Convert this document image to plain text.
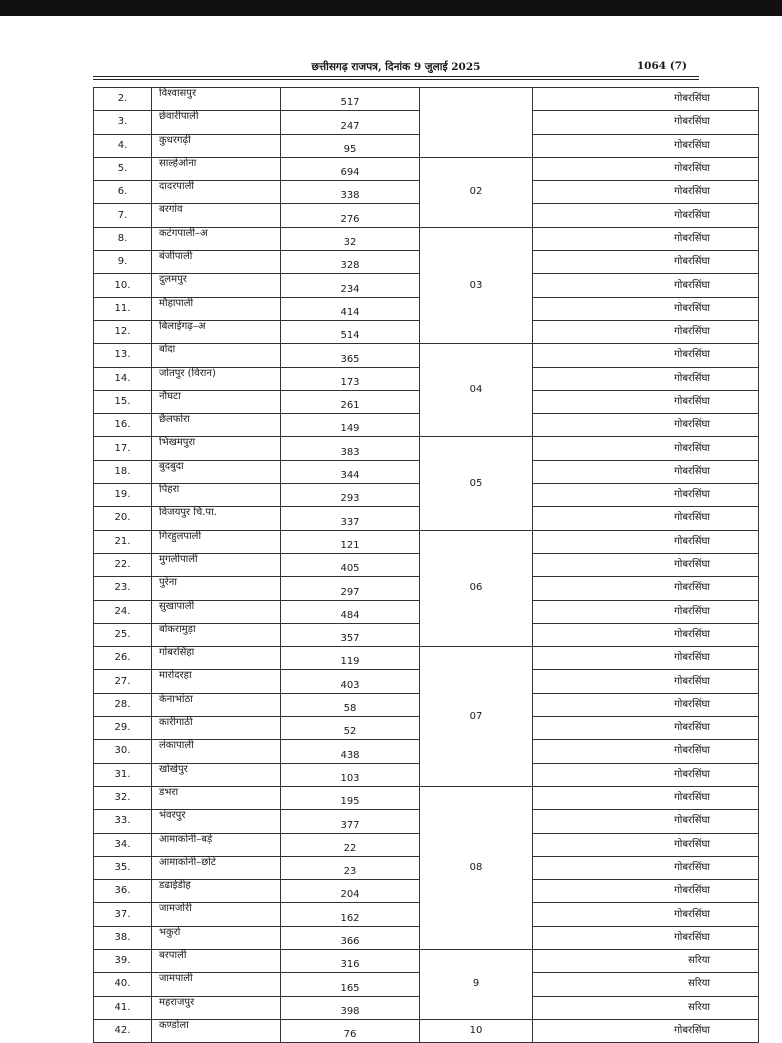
छत्तीसगढ़ राजपत्र, दिनांक 9 जुलाई 2025	1064 (7)
2.	विश्वासपुर	517		गोबरसिंघा
3.	छेवारीपाली	247		गोबरसिंघा
4.	कुधरगढ़ी	95		गोबरसिंघा
5.	साल्हेओना	694	02	गोबरसिंघा
6.	दादरपाली	338		गोबरसिंघा
7.	बरगांव	276		गोबरसिंघा
8.	कटंगपाली–अ	32	03	गोबरसिंघा
9.	बंजीपाली	328		गोबरसिंघा
10.	दुलमपुर	234		गोबरसिंघा
11.	मौहापाली	414		गोबरसिंघा
12.	बिलाईगढ़–अ	514		गोबरसिंघा
13.	बोंदा	365	04	गोबरसिंघा
14.	जोतपुर (विरान)	173		गोबरसिंघा
15.	नौघटा	261		गोबरसिंघा
16.	छैलफोरा	149		गोबरसिंघा
17.	भिखमपुरा	383	05	गोबरसिंघा
18.	बुदबुदा	344		गोबरसिंघा
19.	पिहरा	293		गोबरसिंघा
20.	विजयपुर चि.पा.	337		गोबरसिंघा
21.	गिरहुलपाली	121	06	गोबरसिंघा
22.	मुगलीपाली	405		गोबरसिंघा
23.	पुरेना	297		गोबरसिंघा
24.	सुखापाली	484		गोबरसिंघा
25.	बोकरामुड़ा	357		गोबरसिंघा
26.	गोबरसिंहा	119	07	गोबरसिंघा
27.	मारोदरहा	403		गोबरसिंघा
28.	केनाभांठा	58		गोबरसिंघा
29.	कारीगाठी	52		गोबरसिंघा
30.	लंकापाली	438		गोबरसिंघा
31.	खोखेपुर	103		गोबरसिंघा
32.	डभरा	195	08	गोबरसिंघा
33.	भंवरपुर	377		गोबरसिंघा
34.	आमाकोनी–बड़े	22		गोबरसिंघा
35.	आमाकोनी–छोटे	23		गोबरसिंघा
36.	डढाईडीह	204		गोबरसिंघा
37.	जामजोरी	162		गोबरसिंघा
38.	भकुर्रा	366		गोबरसिंघा
39.	बरपाली	316	9	सरिया
40.	जामपाली	165		सरिया
41.	महराजपुर	398		सरिया
42.	कण्डोला	76	10	गोबरसिंघा
